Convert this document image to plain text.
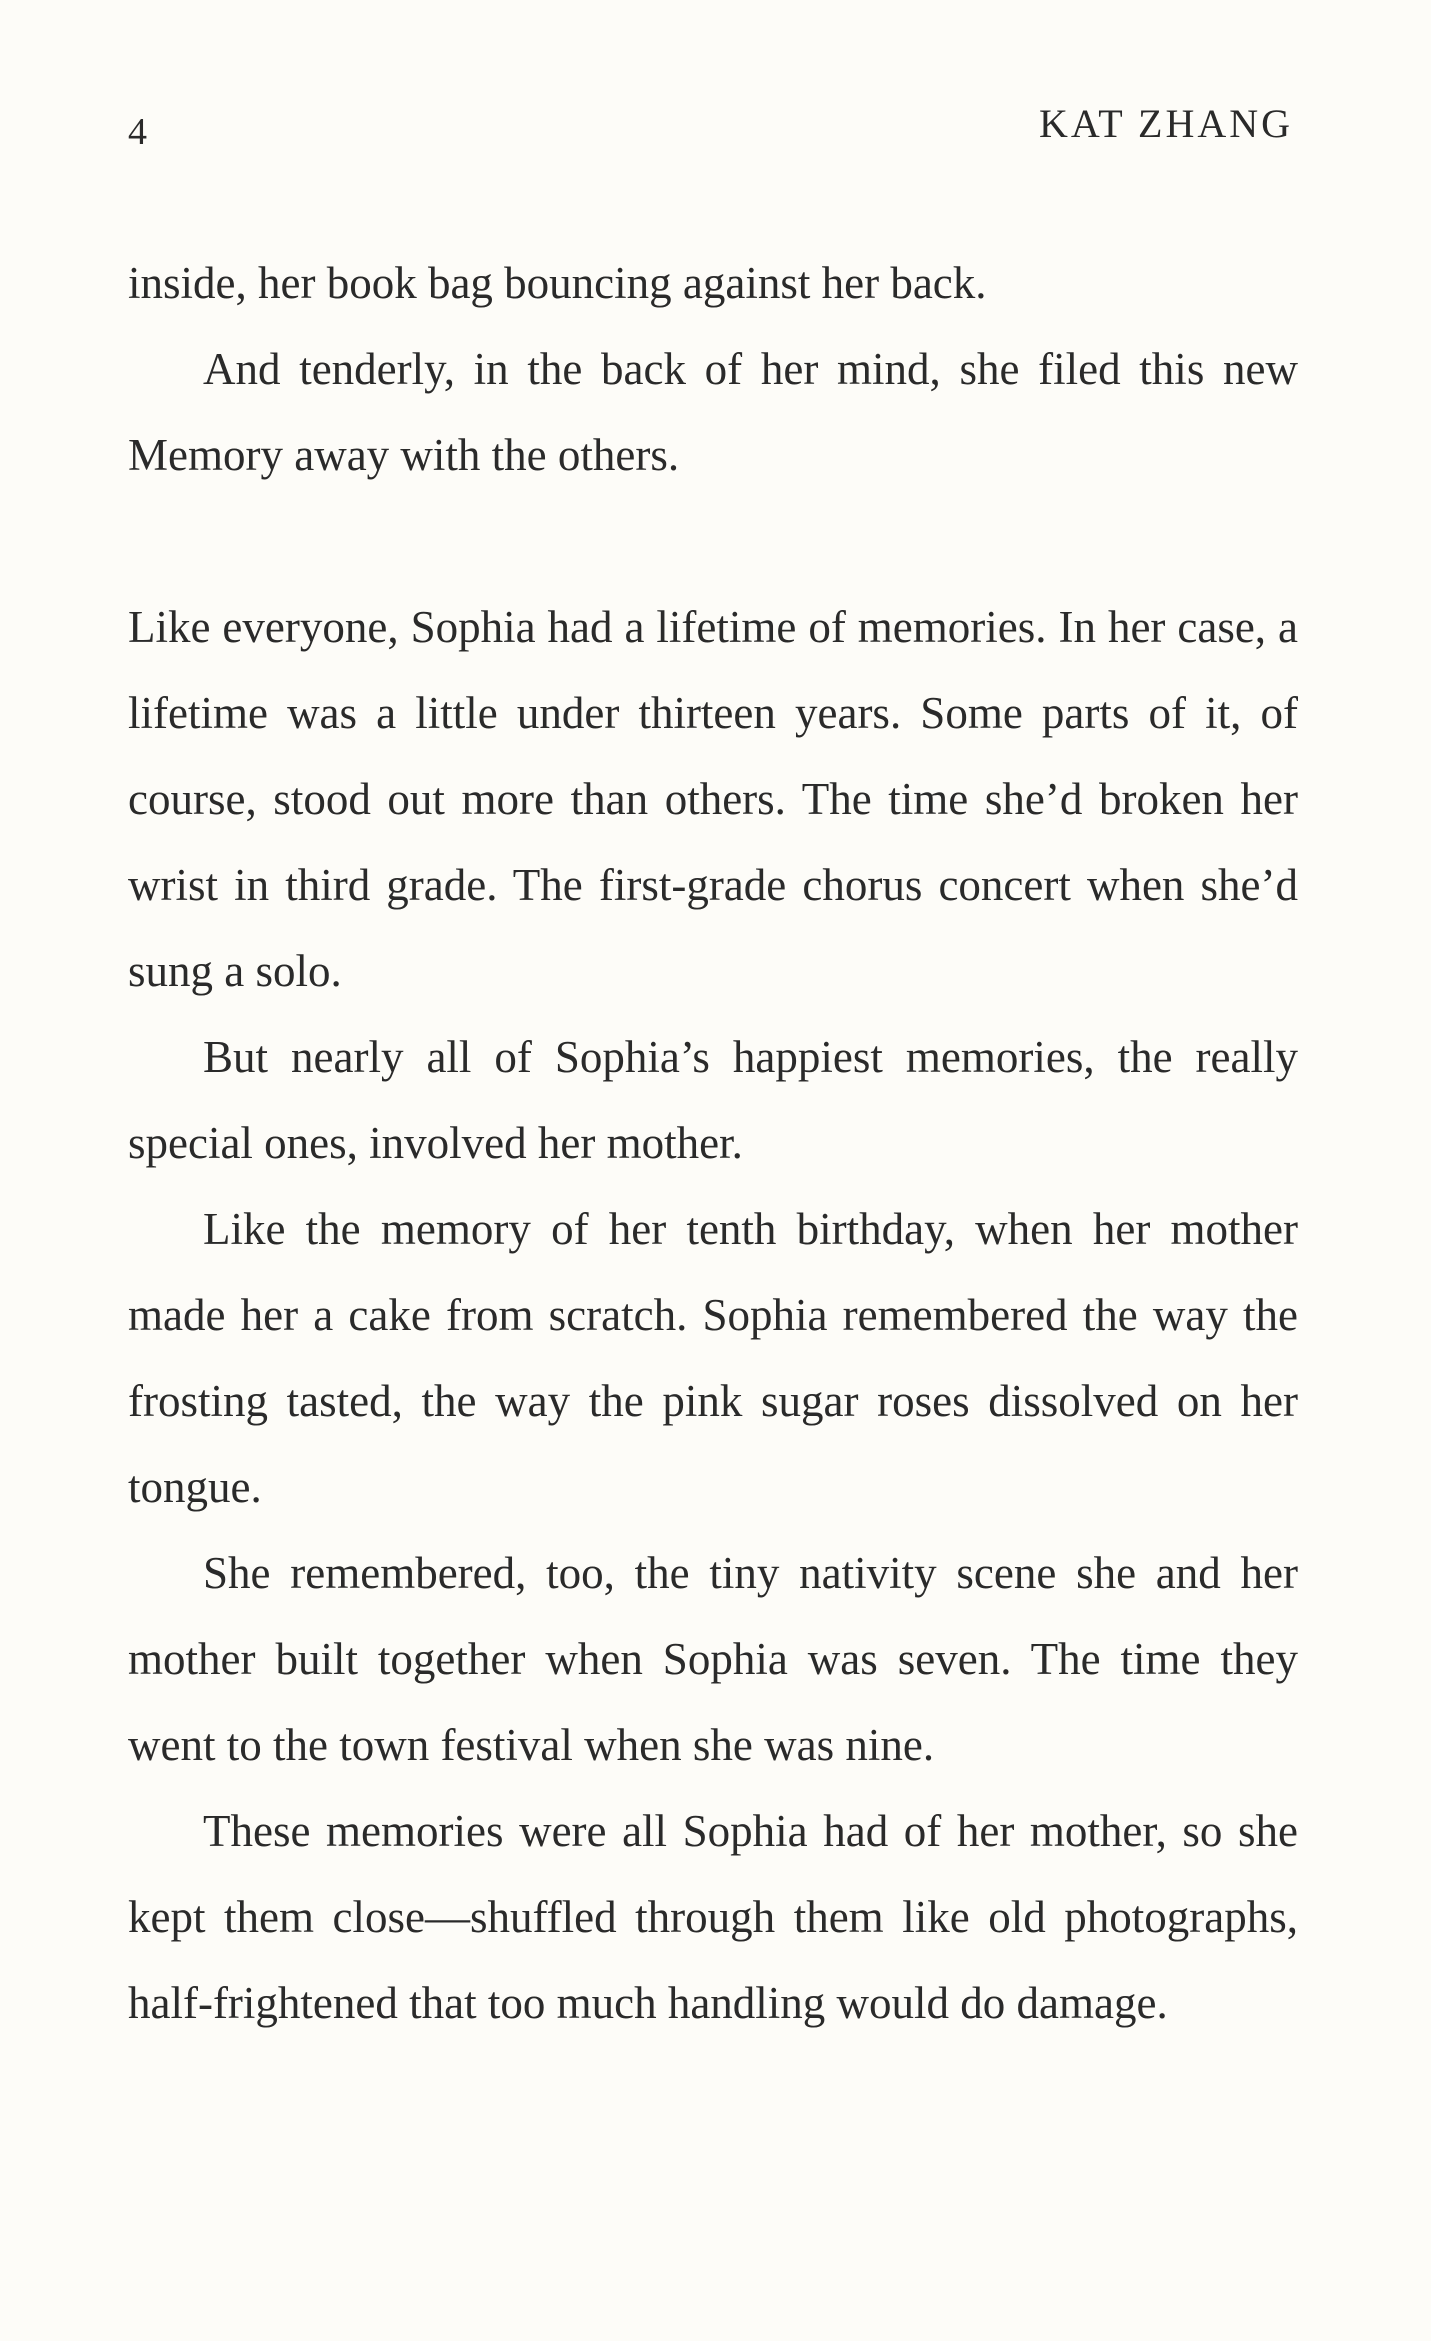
4	KAT ZHANG

inside, her book bag bouncing against her back.

And tenderly, in the back of her mind, she filed this new Memory away with the others.

Like everyone, Sophia had a lifetime of memories. In her case, a lifetime was a little under thirteen years. Some parts of it, of course, stood out more than others. The time she’d broken her wrist in third grade. The first-grade chorus concert when she’d sung a solo.

But nearly all of Sophia’s happiest memories, the really special ones, involved her mother.

Like the memory of her tenth birthday, when her mother made her a cake from scratch. Sophia remembered the way the frosting tasted, the way the pink sugar roses dissolved on her tongue.

She remembered, too, the tiny nativity scene she and her mother built together when Sophia was seven. The time they went to the town festival when she was nine.

These memories were all Sophia had of her mother, so she kept them close—shuffled through them like old photographs, half-frightened that too much handling would do damage.
